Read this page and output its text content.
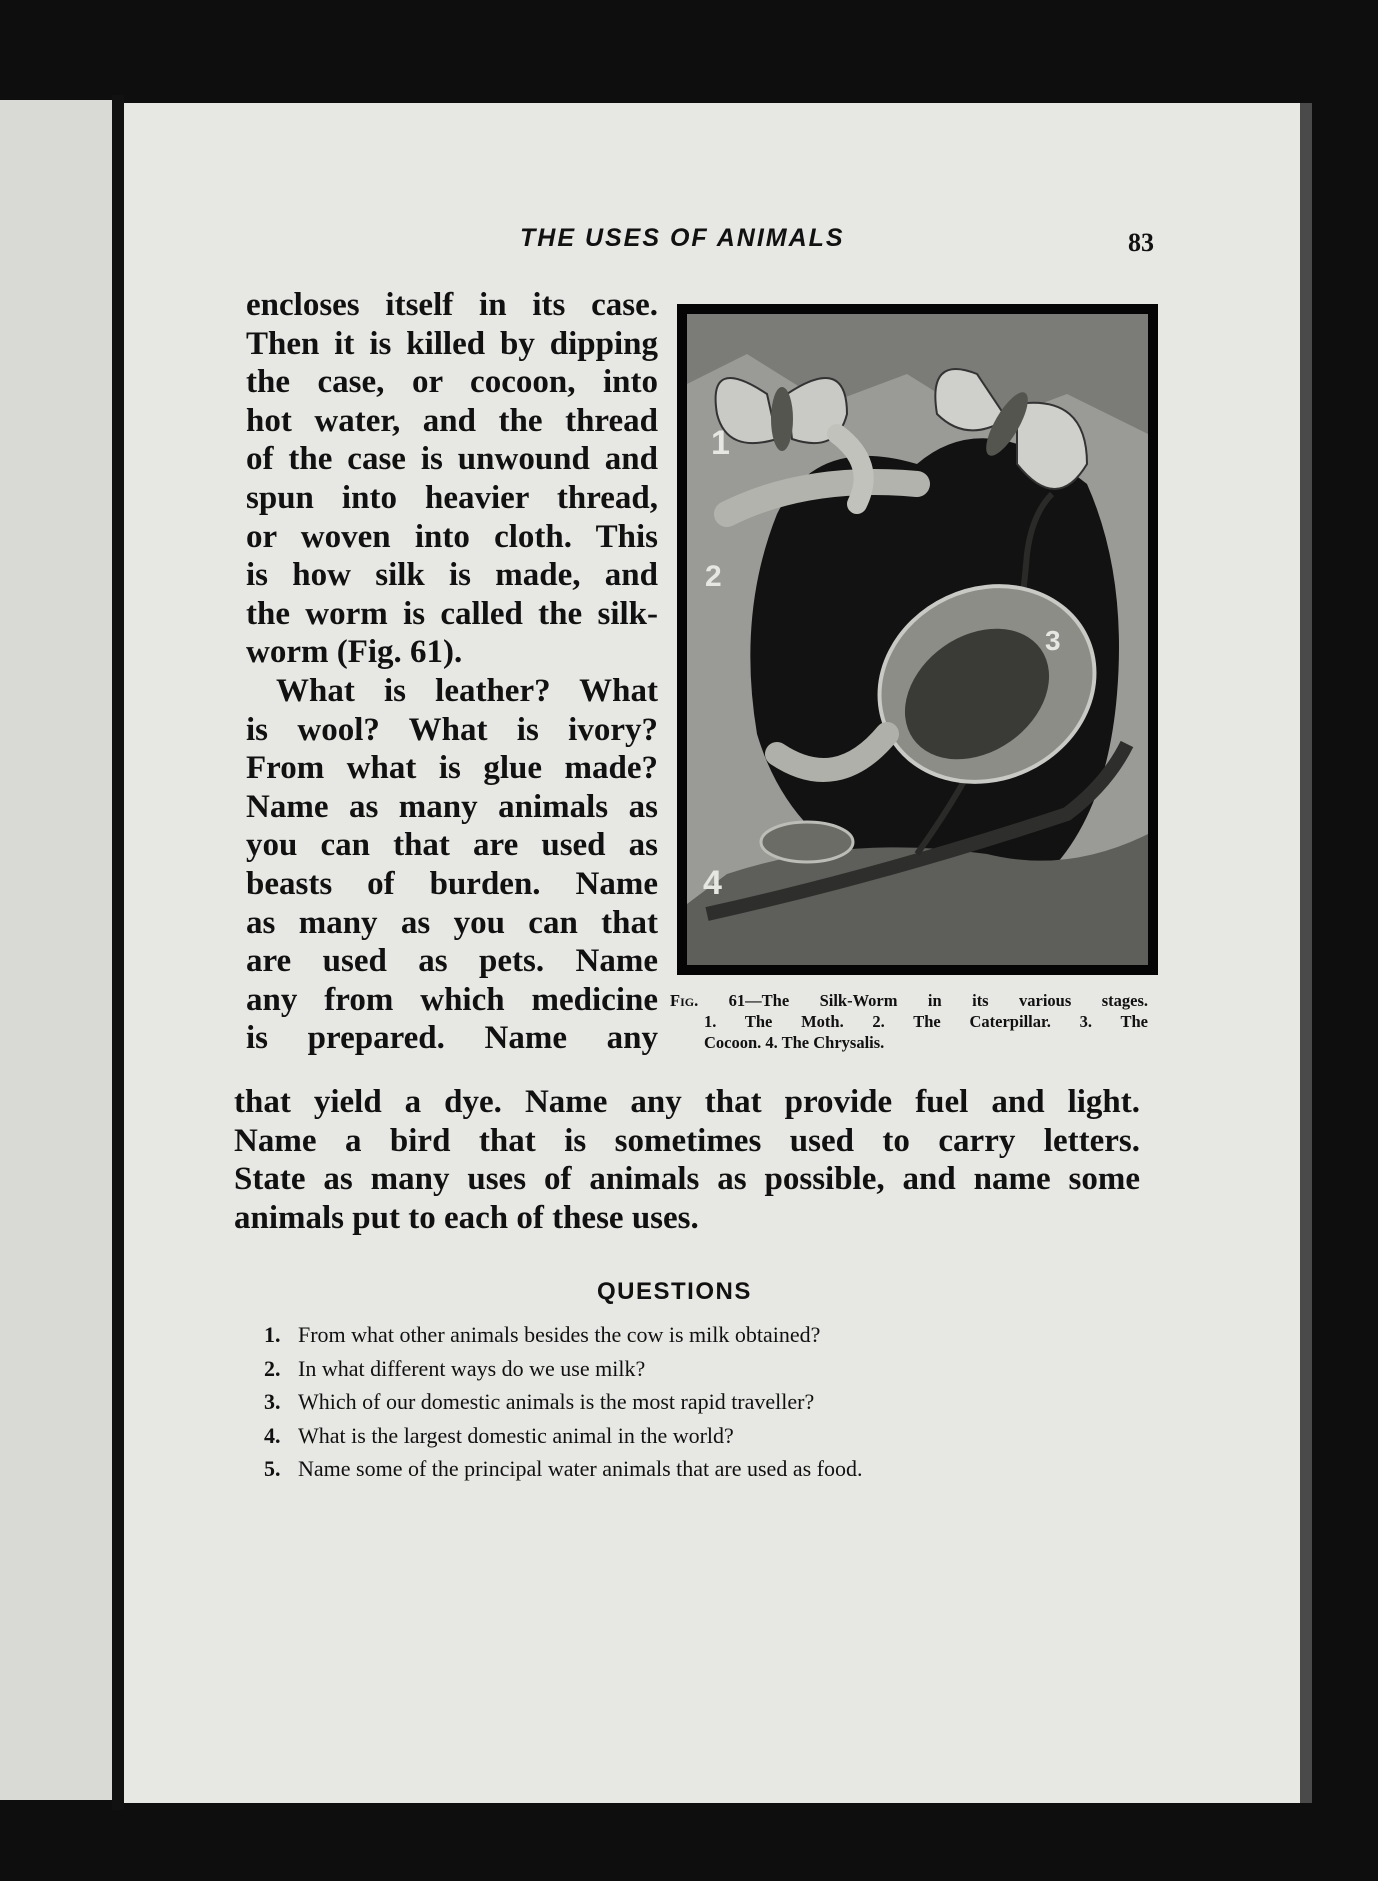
THE USES OF ANIMALS	83
encloses itself in its case.
Then it is killed by dipping
the case, or cocoon, into
hot water, and the thread
of the case is unwound and
spun into heavier thread,
or woven into cloth. This
is how silk is made, and
the worm is called the silk-
worm (Fig. 61).
What is leather? What
is wool? What is ivory?
From what is glue made?
Name as many animals as
you can that are used as
beasts of burden. Name
as many as you can that
are used as pets. Name
any from which medicine
is prepared. Name any
1
2
3
4
Fig. 61—The Silk-Worm in its various stages.
1. The Moth. 2. The Caterpillar. 3. The
Cocoon. 4. The Chrysalis.
that yield a dye. Name any that provide fuel and light.
Name a bird that is sometimes used to carry letters.
State as many uses of animals as possible, and name some
animals put to each of these uses.
QUESTIONS
1. From what other animals besides the cow is milk obtained?
2. In what different ways do we use milk?
3. Which of our domestic animals is the most rapid traveller?
4. What is the largest domestic animal in the world?
5. Name some of the principal water animals that are used as food.
